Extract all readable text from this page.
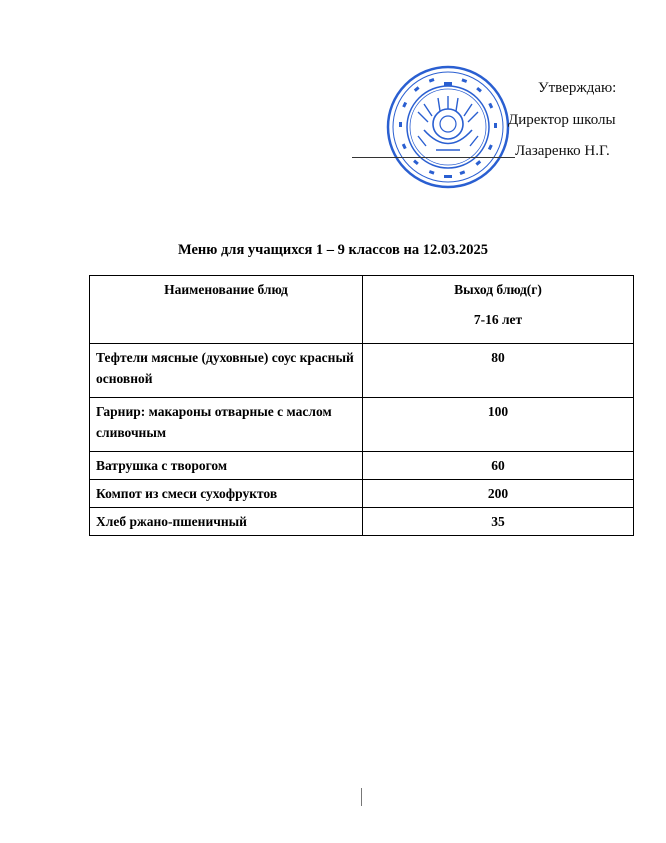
Утверждаю:
Директор школы
Лазаренко Н.Г.
Меню для учащихся 1 – 9 классов на 12.03.2025
Наименование блюд	Выход блюд(г)
7-16 лет

Тефтели мясные (духовные) соус красный основной	80
Гарнир: макароны отварные с маслом сливочным	100
Ватрушка с творогом	60
Компот из смеси сухофруктов	200
Хлеб ржано-пшеничный	35
